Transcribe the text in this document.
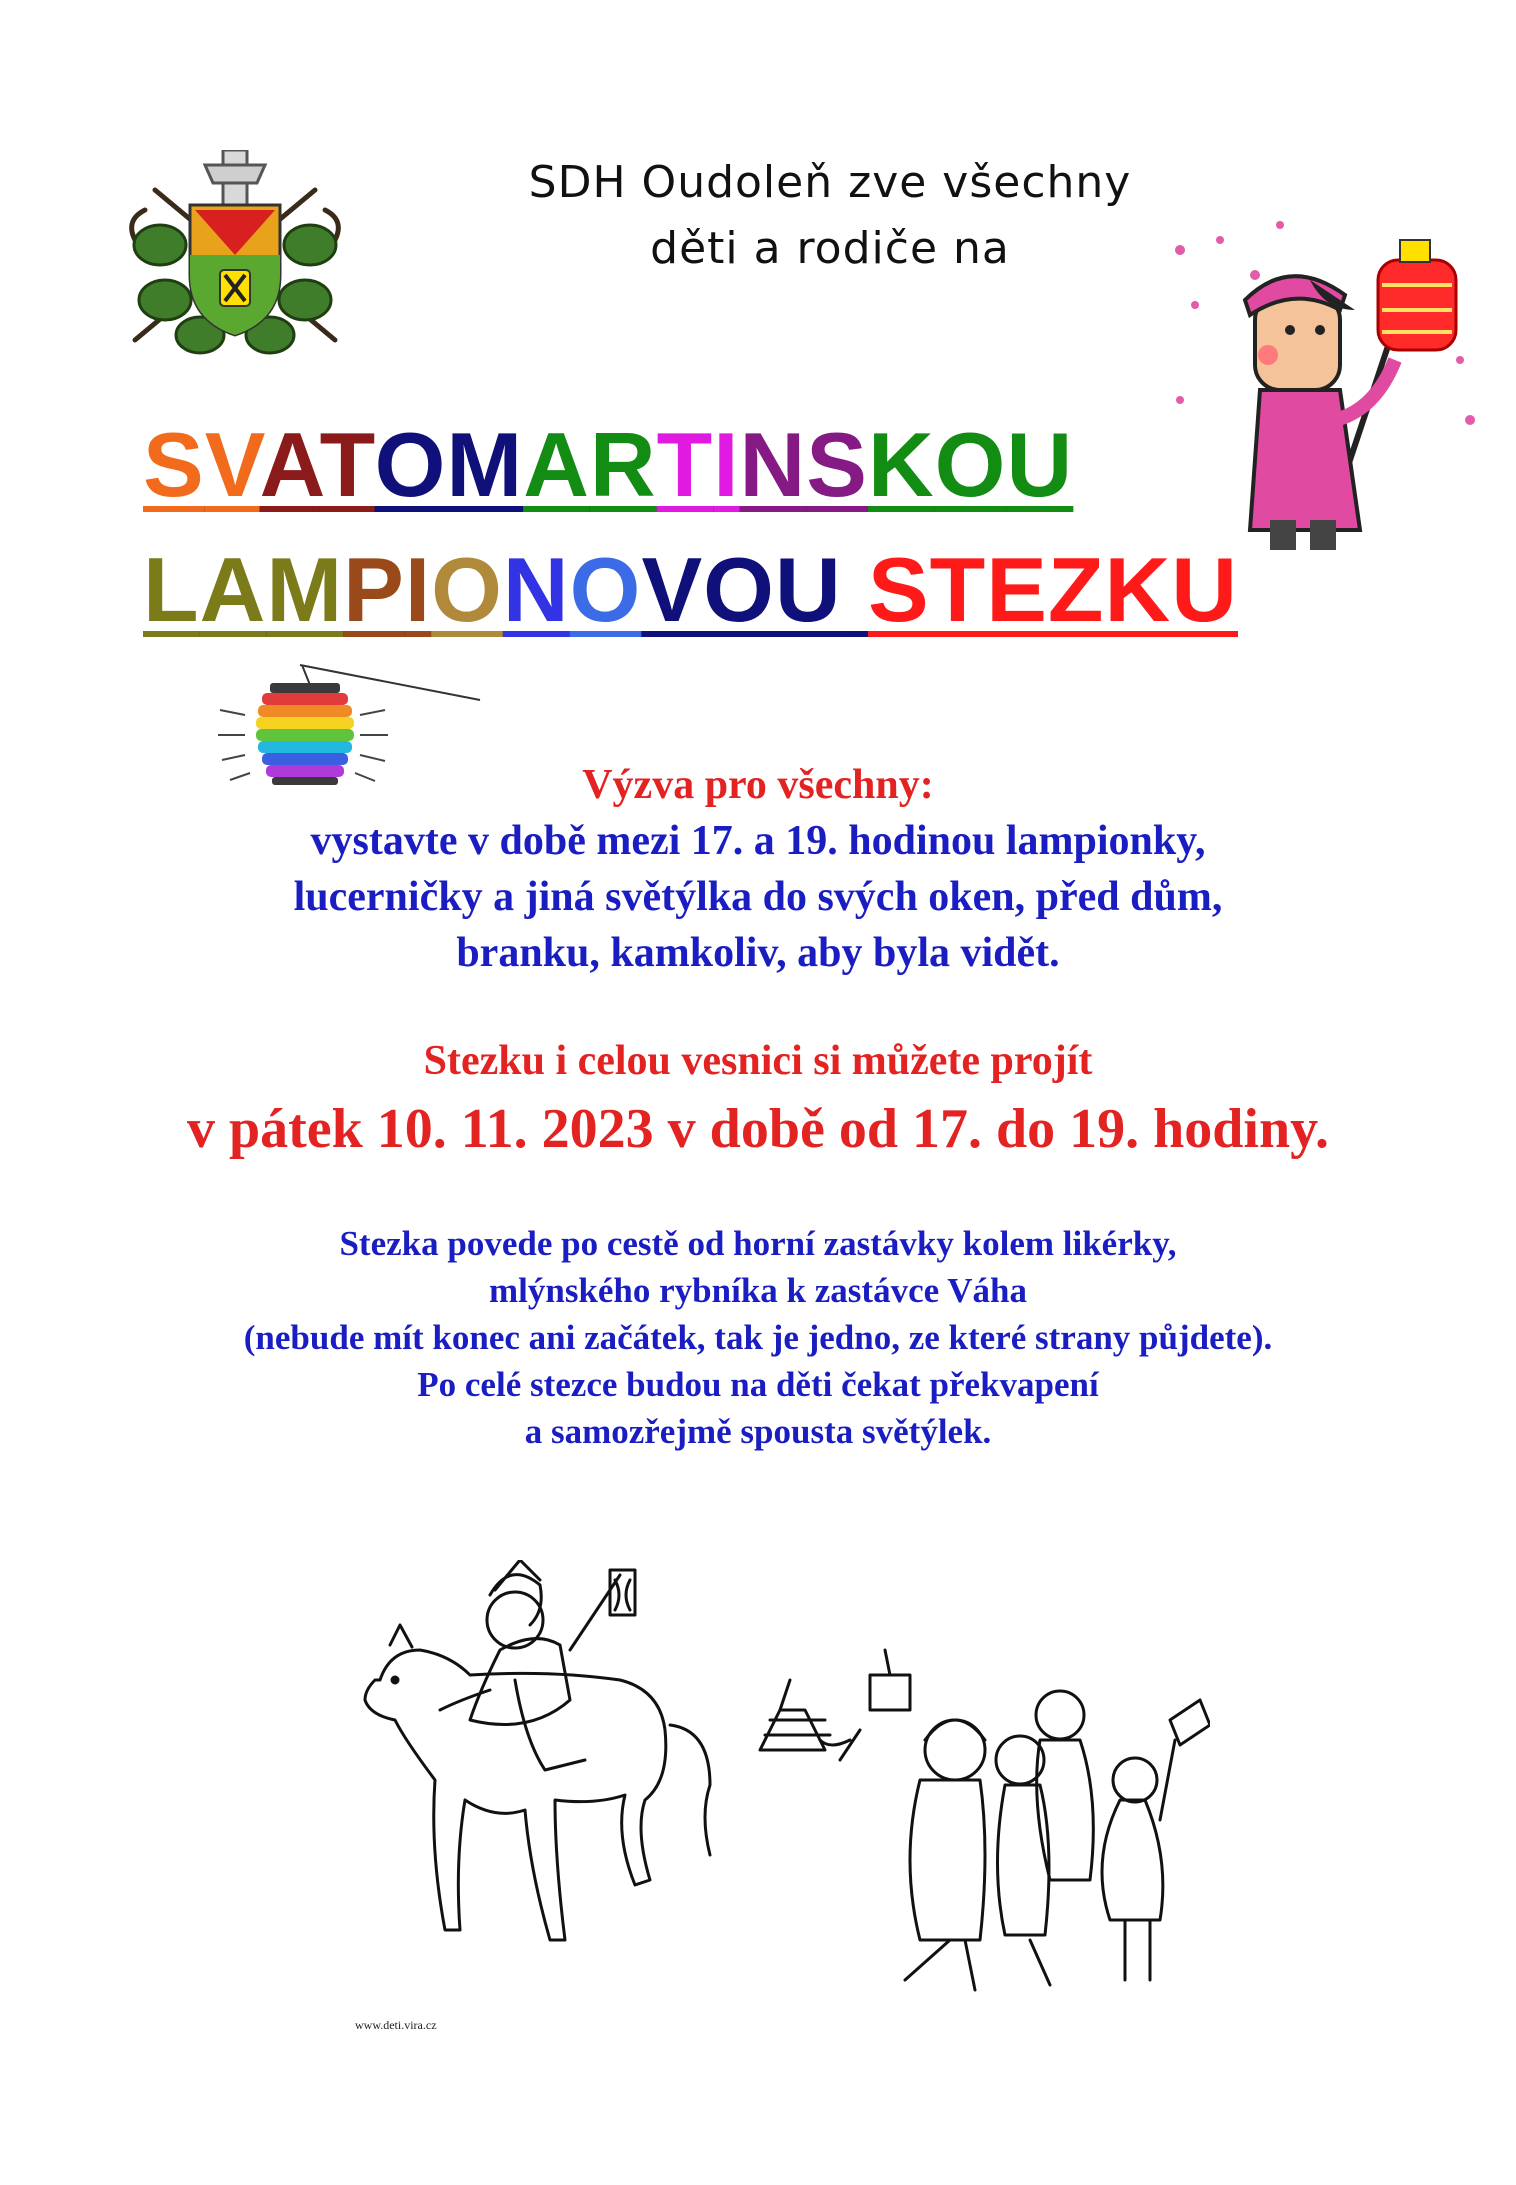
SDH Oudoleň zve všechny
děti a rodiče na
SVATOMARTINSKOU
LAMPIONOVOU STEZKU
Výzva pro všechny:
vystavte v době mezi 17. a 19. hodinou lampionky,
lucerničky a jiná světýlka do svých oken, před dům,
branku, kamkoliv, aby byla vidět.
Stezku i celou vesnici si můžete projít
v pátek 10. 11. 2023 v době od 17. do 19. hodiny.
Stezka povede po cestě od horní zastávky kolem likérky,
mlýnského rybníka k zastávce Váha
(nebude mít konec ani začátek, tak je jedno, ze které strany půjdete).
Po celé stezce budou na děti čekat překvapení
a samozřejmě spousta světýlek.
www.deti.vira.cz
